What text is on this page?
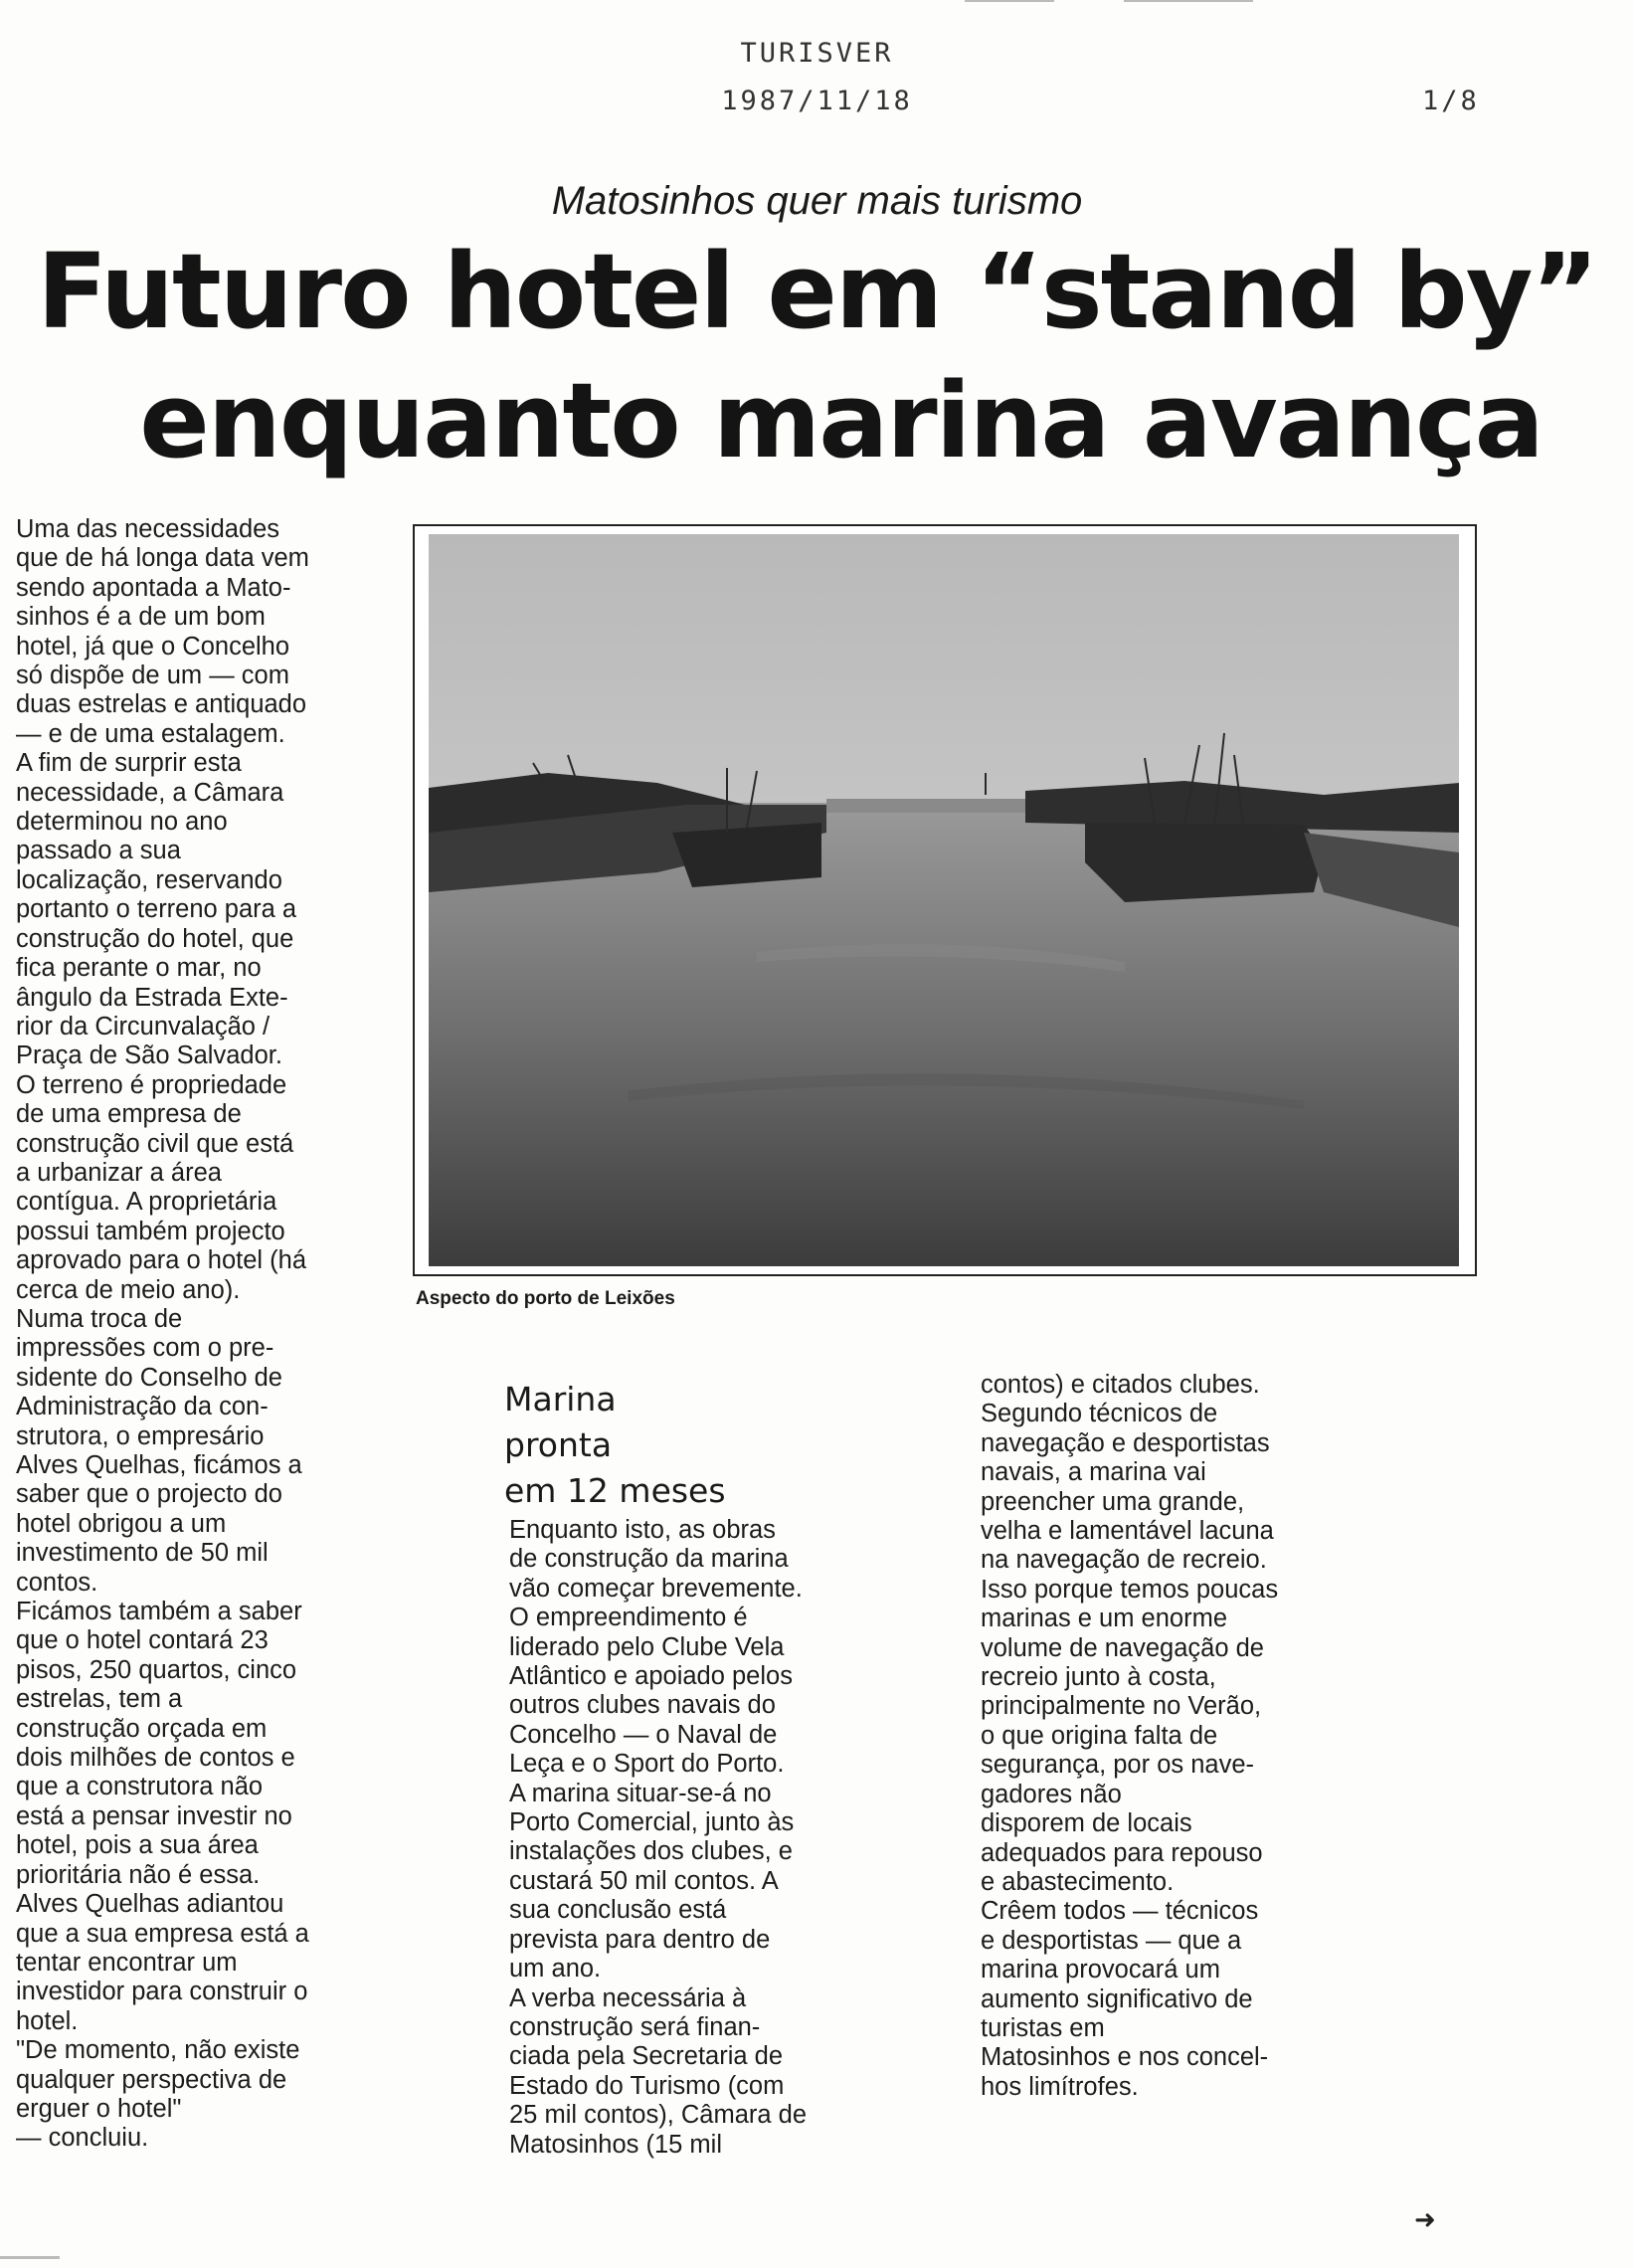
TURISVER
1987/11/18	1/8
Matosinhos quer mais turismo
Futuro hotel em “stand by”
enquanto marina avança

Uma das necessidades

que de há longa data vem

sendo apontada a Mato-

sinhos é a de um bom

hotel, já que o Concelho

só dispõe de um — com

duas estrelas e antiquado

— e de uma estalagem.

A fim de surprir esta

necessidade, a Câmara

determinou no ano

passado a sua

localização, reservando

portanto o terreno para a

construção do hotel, que

fica perante o mar, no

ângulo da Estrada Exte-

rior da Circunvalação /

Praça de São Salvador.

O terreno é propriedade

de uma empresa de

construção civil que está

a urbanizar a área

contígua. A proprietária

possui também projecto

aprovado para o hotel (há

cerca de meio ano).

Numa troca de

impressões com o pre-

sidente do Conselho de

Administração da con-

strutora, o empresário

Alves Quelhas, ficámos a

saber que o projecto do

hotel obrigou a um

investimento de 50 mil

contos.

Ficámos também a saber

que o hotel contará 23

pisos, 250 quartos, cinco

estrelas, tem a

construção orçada em

dois milhões de contos e

que a construtora não

está a pensar investir no

hotel, pois a sua área

prioritária não é essa.

Alves Quelhas adiantou

que a sua empresa está a

tentar encontrar um

investidor para construir o

hotel.

"De momento, não existe

qualquer perspectiva de

erguer o hotel"

— concluiu.

Aspecto do porto de Leixões
Marina
pronta
em 12 meses

Enquanto isto, as obras

de construção da marina

vão começar brevemente.

O empreendimento é

liderado pelo Clube Vela

Atlântico e apoiado pelos

outros clubes navais do

Concelho — o Naval de

Leça e o Sport do Porto.

A marina situar-se-á no

Porto Comercial, junto às

instalações dos clubes, e

custará 50 mil contos. A

sua conclusão está

prevista para dentro de

um ano.

A verba necessária à

construção será finan-

ciada pela Secretaria de

Estado do Turismo (com

25 mil contos), Câmara de

Matosinhos (15 mil

contos) e citados clubes.

Segundo técnicos de

navegação e desportistas

navais, a marina vai

preencher uma grande,

velha e lamentável lacuna

na navegação de recreio.

Isso porque temos poucas

marinas e um enorme

volume de navegação de

recreio junto à costa,

principalmente no Verão,

o que origina falta de

segurança, por os nave-

gadores não

disporem de locais

adequados para repouso

e abastecimento.

Crêem todos — técnicos

e desportistas — que a

marina provocará um

aumento significativo de

turistas em

Matosinhos e nos concel-

hos limítrofes.

➜
